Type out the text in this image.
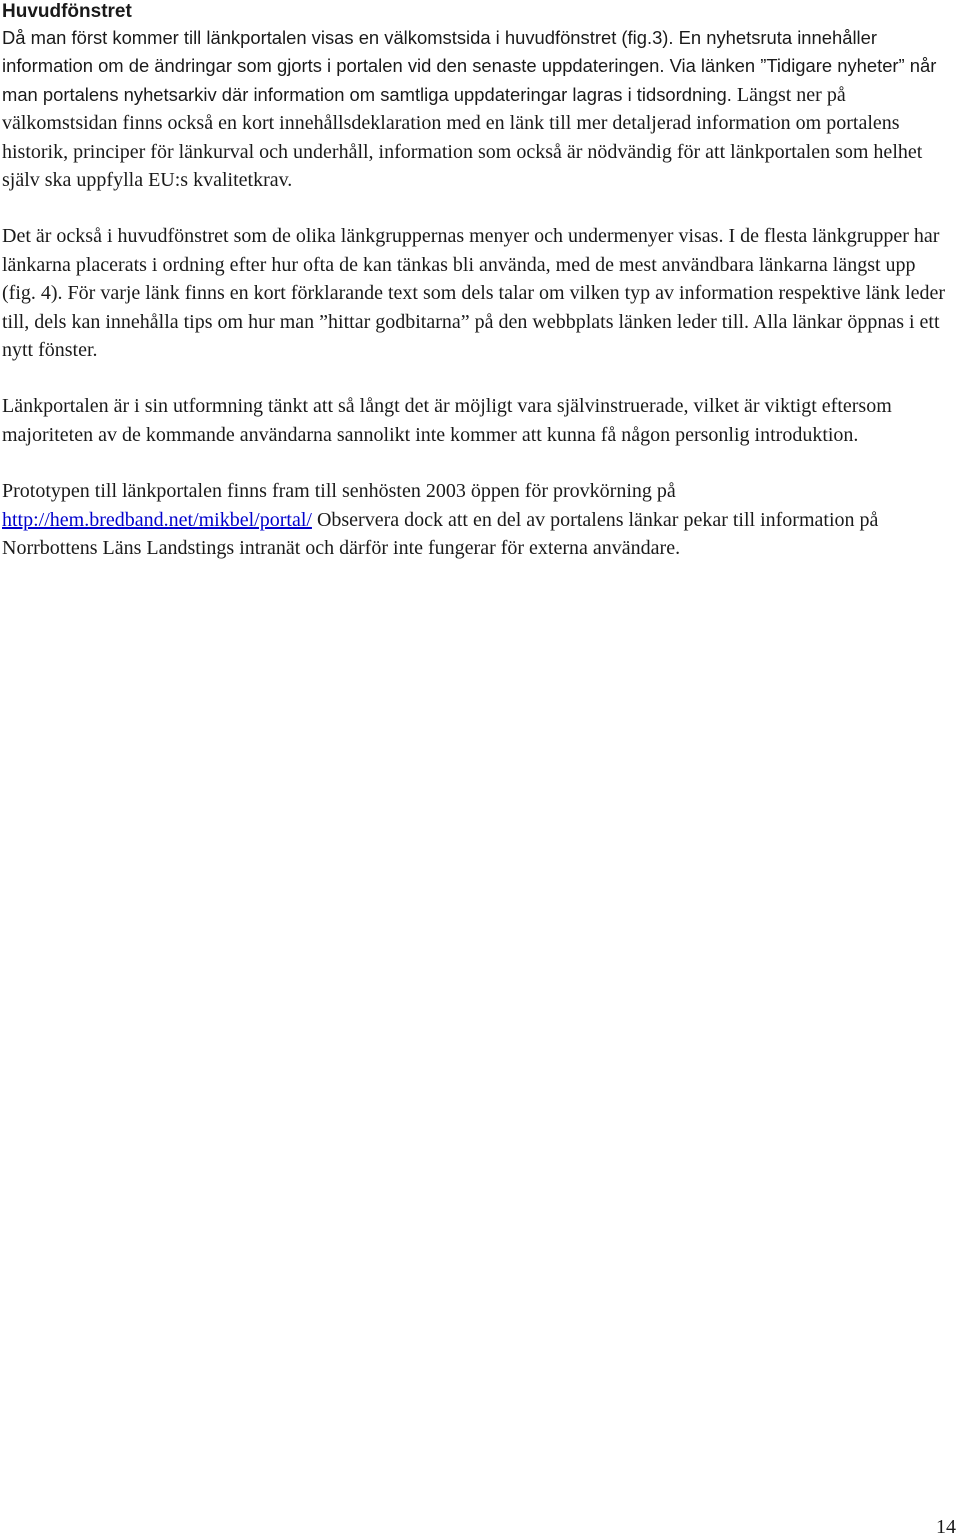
Huvudfönstret

Då man först kommer till länkportalen visas en välkomstsida i huvudfönstret (fig.3). En nyhetsruta innehåller information om de ändringar som gjorts i portalen vid den senaste uppdateringen. Via länken ”Tidigare nyheter” når man portalens nyhetsarkiv där information om samtliga uppdateringar lagras i tidsordning. Längst ner på välkomstsidan finns också en kort innehållsdeklaration med en länk till mer detaljerad information om portalens historik, principer för länkurval och underhåll, information som också är nödvändig för att länkportalen som helhet själv ska uppfylla EU:s kvalitetkrav.

Det är också i huvudfönstret som de olika länkgruppernas menyer och undermenyer visas. I de flesta länkgrupper har länkarna placerats i ordning efter hur ofta de kan tänkas bli använda, med de mest användbara länkarna längst upp (fig. 4). För varje länk finns en kort förklarande text som dels talar om vilken typ av information respektive länk leder till, dels kan innehålla tips om hur man ”hittar godbitarna” på den webbplats länken leder till. Alla länkar öppnas i ett nytt fönster.

Länkportalen är i sin utformning tänkt att så långt det är möjligt vara självinstruerade, vilket är viktigt eftersom majoriteten av de kommande användarna sannolikt inte kommer att kunna få någon personlig introduktion.

Prototypen till länkportalen finns fram till senhösten 2003 öppen för provkörning på http://hem.bredband.net/mikbel/portal/ Observera dock att en del av portalens länkar pekar till information på Norrbottens Läns Landstings intranät och därför inte fungerar för externa användare.

14
